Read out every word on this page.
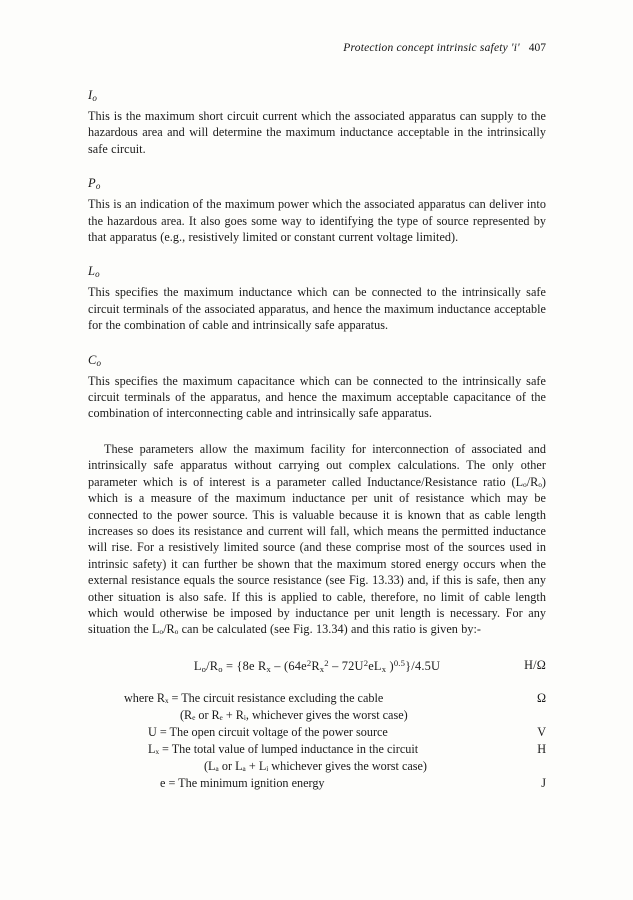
Protection concept intrinsic safety 'i' 407
$I_o$

This is the maximum short circuit current which the associated apparatus can supply to the hazardous area and will determine the maximum inductance acceptable in the intrinsically safe circuit.

$P_o$

This is an indication of the maximum power which the associated apparatus can deliver into the hazardous area. It also goes some way to identifying the type of source represented by that apparatus (e.g., resistively limited or constant current voltage limited).

$L_o$

This specifies the maximum inductance which can be connected to the intrinsically safe circuit terminals of the associated apparatus, and hence the maximum inductance acceptable for the combination of cable and intrinsically safe apparatus.

$C_o$

This specifies the maximum capacitance which can be connected to the intrinsically safe circuit terminals of the apparatus, and hence the maximum acceptable capacitance of the combination of interconnecting cable and intrinsically safe apparatus.

These parameters allow the maximum facility for interconnection of associated and intrinsically safe apparatus without carrying out complex calculations. The only other parameter which is of interest is a parameter called Inductance/Resistance ratio (Lₒ/Rₒ) which is a measure of the maximum inductance per unit of resistance which may be connected to the power source. This is valuable because it is known that as cable length increases so does its resistance and current will fall, which means the permitted inductance will rise. For a resistively limited source (and these comprise most of the sources used in intrinsic safety) it can further be shown that the maximum stored energy occurs when the external resistance equals the source resistance (see Fig. 13.33) and, if this is safe, then any other situation is also safe. If this is applied to cable, therefore, no limit of cable length which would otherwise be imposed by inductance per unit length is necessary. For any situation the Lₒ/Rₒ can be calculated (see Fig. 13.34) and this ratio is given by:-

$L_o/R_o = \{8e$ $R_x - (64e^2R_x^2 - 72U^2eL_x$ )$^{0.5}$}/4.5U	H/Ω
where Rₓ = The circuit resistance excluding the cable	Ω
(Rₑ or Rₑ + Rᵢ, whichever gives the worst case)
U = The open circuit voltage of the power source	V
Lₓ = The total value of lumped inductance in the circuit	H
(Lₐ or Lₐ + Lᵢ whichever gives the worst case)
e = The minimum ignition energy	J
